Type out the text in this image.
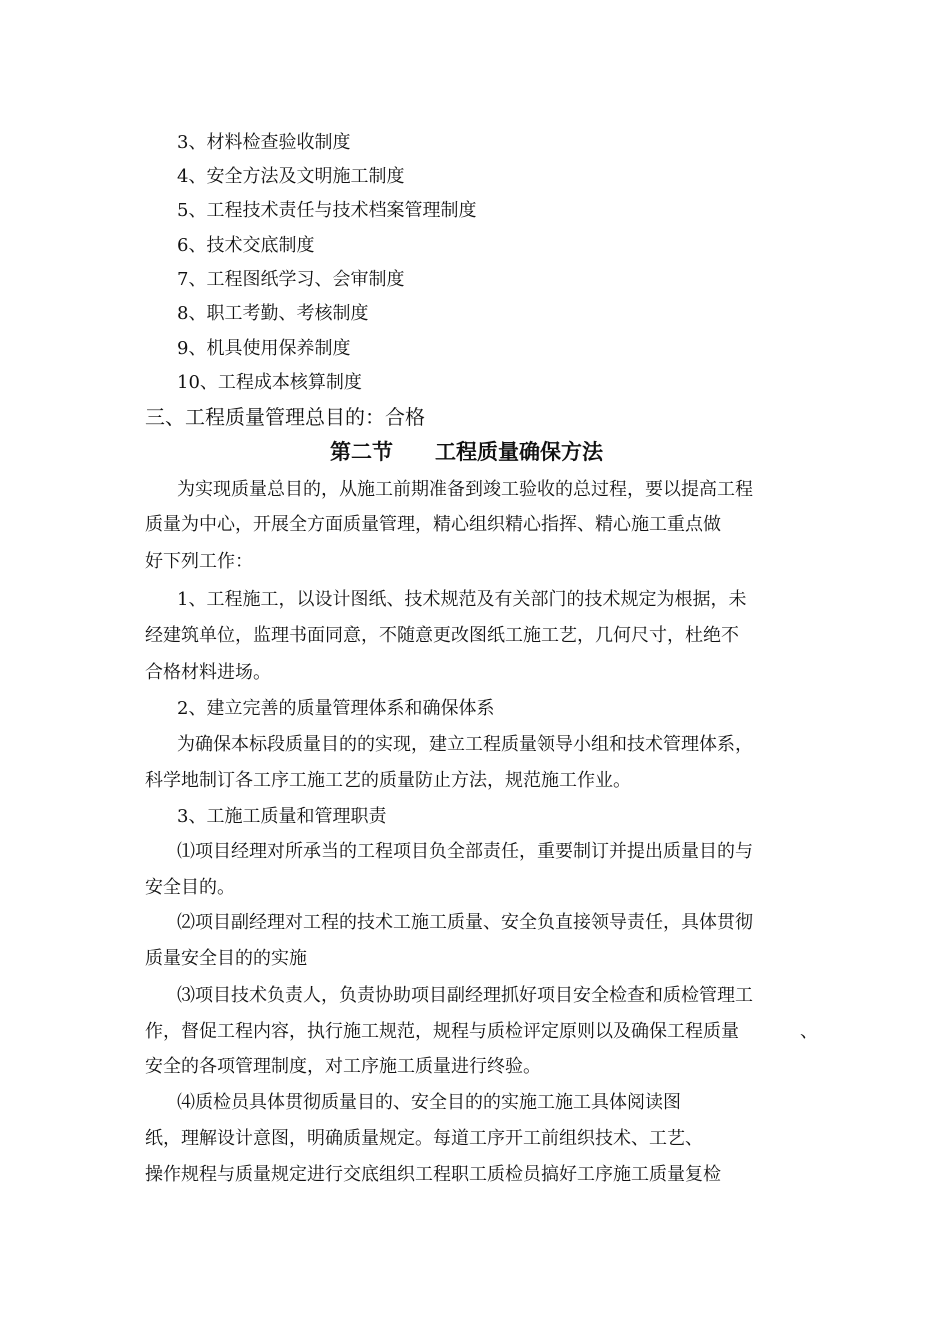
3、材料检查验收制度
4、安全方法及文明施工制度
5、工程技术责任与技术档案管理制度
6、技术交底制度
7、工程图纸学习、会审制度
8、职工考勤、考核制度
9、机具使用保养制度
10、工程成本核算制度
三、工程质量管理总目的：合格
第二节　　工程质量确保方法
为实现质量总目的，从施工前期准备到竣工验收的总过程，要以提高工程
质量为中心，开展全方面质量管理，精心组织精心指挥、精心施工重点做
好下列工作：
1、工程施工，以设计图纸、技术规范及有关部门的技术规定为根据，未
经建筑单位，监理书面同意，不随意更改图纸工施工艺，几何尺寸，杜绝不
合格材料进场。
2、建立完善的质量管理体系和确保体系
为确保本标段质量目的的实现，建立工程质量领导小组和技术管理体系，
科学地制订各工序工施工艺的质量防止方法，规范施工作业。
3、工施工质量和管理职责
⑴项目经理对所承当的工程项目负全部责任，重要制订并提出质量目的与
安全目的。
⑵项目副经理对工程的技术工施工质量、安全负直接领导责任，具体贯彻
质量安全目的的实施
⑶项目技术负责人，负责协助项目副经理抓好项目安全检查和质检管理工
作，督促工程内容，执行施工规范，规程与质检评定原则以及确保工程质量	、
安全的各项管理制度，对工序施工质量进行终验。
⑷质检员具体贯彻质量目的、安全目的的实施工施工具体阅读图
纸，理解设计意图，明确质量规定。每道工序开工前组织技术、工艺、
操作规程与质量规定进行交底组织工程职工质检员搞好工序施工质量复检
